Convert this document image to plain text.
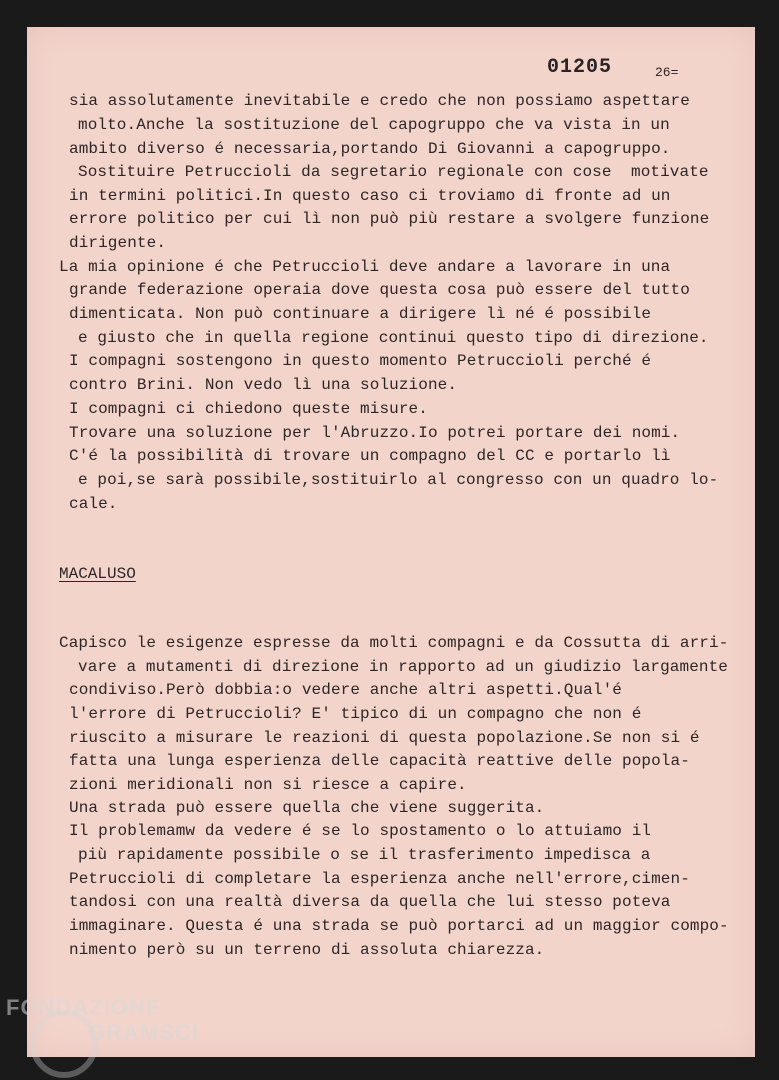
01205	26=
sia assolutamente inevitabile e credo che non possiamo aspettare
molto.Anche la sostituzione del capogruppo che va vista in un
ambito diverso é necessaria,portando Di Giovanni a capogruppo.
Sostituire Petruccioli da segretario regionale con cose  motivate
in termini politici.In questo caso ci troviamo di fronte ad un
errore politico per cui lì non può più restare a svolgere funzione
dirigente.
La mia opinione é che Petruccioli deve andare a lavorare in una
grande federazione operaia dove questa cosa può essere del tutto
dimenticata. Non può continuare a dirigere lì né é possibile
e giusto che in quella regione continui questo tipo di direzione.
I compagni sostengono in questo momento Petruccioli perché é
contro Brini. Non vedo lì una soluzione.
I compagni ci chiedono queste misure.
Trovare una soluzione per l'Abruzzo.Io potrei portare dei nomi.
C'é la possibilità di trovare un compagno del CC e portarlo lì
e poi,se sarà possibile,sostituirlo al congresso con un quadro lo-
cale.
MACALUSO
Capisco le esigenze espresse da molti compagni e da Cossutta di arri-
vare a mutamenti di direzione in rapporto ad un giudizio largamente
condiviso.Però dobbia:o vedere anche altri aspetti.Qual'é
l'errore di Petruccioli? E' tipico di un compagno che non é
riuscito a misurare le reazioni di questa popolazione.Se non si é
fatta una lunga esperienza delle capacità reattive delle popola-
zioni meridionali non si riesce a capire.
Una strada può essere quella che viene suggerita.
Il problemamw da vedere é se lo spostamento o lo attuiamo il
più rapidamente possibile o se il trasferimento impedisca a
Petruccioli di completare la esperienza anche nell'errore,cimen-
tandosi con una realtà diversa da quella che lui stesso poteva
immaginare. Questa é una strada se può portarci ad un maggior compo-
nimento però su un terreno di assoluta chiarezza.
FONDAZIONE
GRAMSCI
